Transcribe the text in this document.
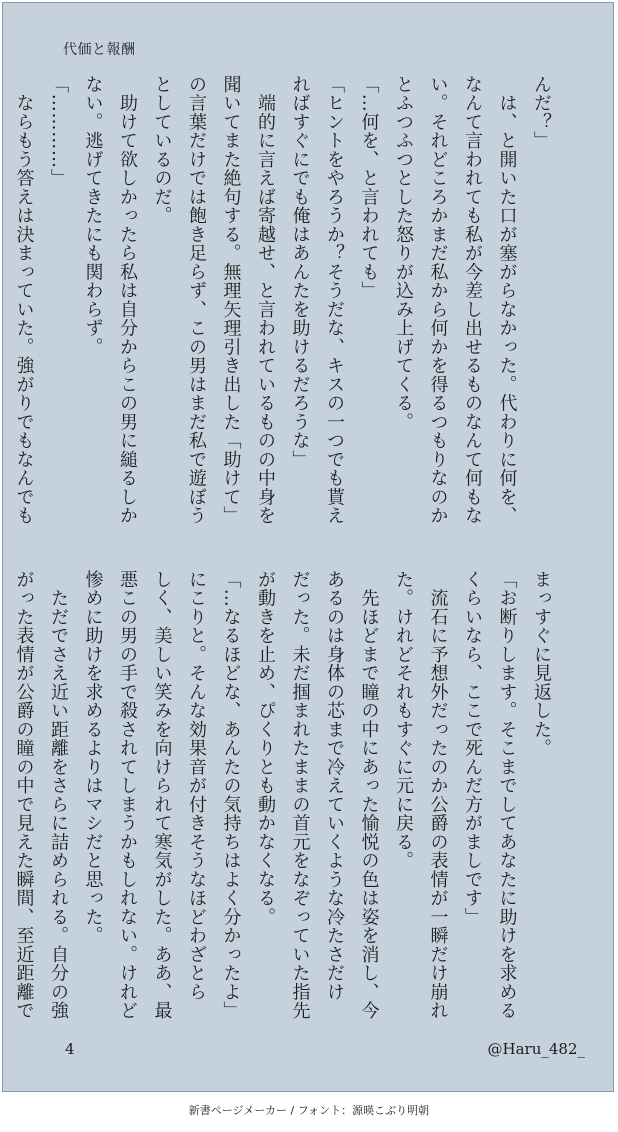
代価と報酬
んだ？」
　は、と開いた口が塞がらなかった。代わりに何を、
なんて言われても私が今差し出せるものなんて何もな
い。それどころかまだ私から何かを得るつもりなのか
とふつふつとした怒りが込み上げてくる。
「…何を、と言われても」
「ヒントをやろうか？そうだな、キスの一つでも貰え
ればすぐにでも俺はあんたを助けるだろうな」
　端的に言えば寄越せ、と言われているものの中身を
聞いてまた絶句する。無理矢理引き出した「助けて」
の言葉だけでは飽き足らず、この男はまだ私で遊ぼう
としているのだ。
　助けて欲しかったら私は自分からこの男に縋るしか
ない。逃げてきたにも関わらず。
「…………」
　ならもう答えは決まっていた。強がりでもなんでも
まっすぐに見返した。
「お断りします。そこまでしてあなたに助けを求める
くらいなら、ここで死んだ方がましです」
　流石に予想外だったのか公爵の表情が一瞬だけ崩れ
た。けれどそれもすぐに元に戻る。
　先ほどまで瞳の中にあった愉悦の色は姿を消し、今
あるのは身体の芯まで冷えていくような冷たさだけ
だった。未だ掴まれたままの首元をなぞっていた指先
が動きを止め、ぴくりとも動かなくなる。
「…なるほどな、あんたの気持ちはよく分かったよ」
にこりと。そんな効果音が付きそうなほどわざとら
しく、美しい笑みを向けられて寒気がした。ああ、最
悪この男の手で殺されてしまうかもしれない。けれど
惨めに助けを求めるよりはマシだと思った。
　ただでさえ近い距離をさらに詰められる。自分の強
がった表情が公爵の瞳の中で見えた瞬間、至近距離で
4	@Haru_482_
新書ページメーカー / フォント：源暎こぶり明朝
